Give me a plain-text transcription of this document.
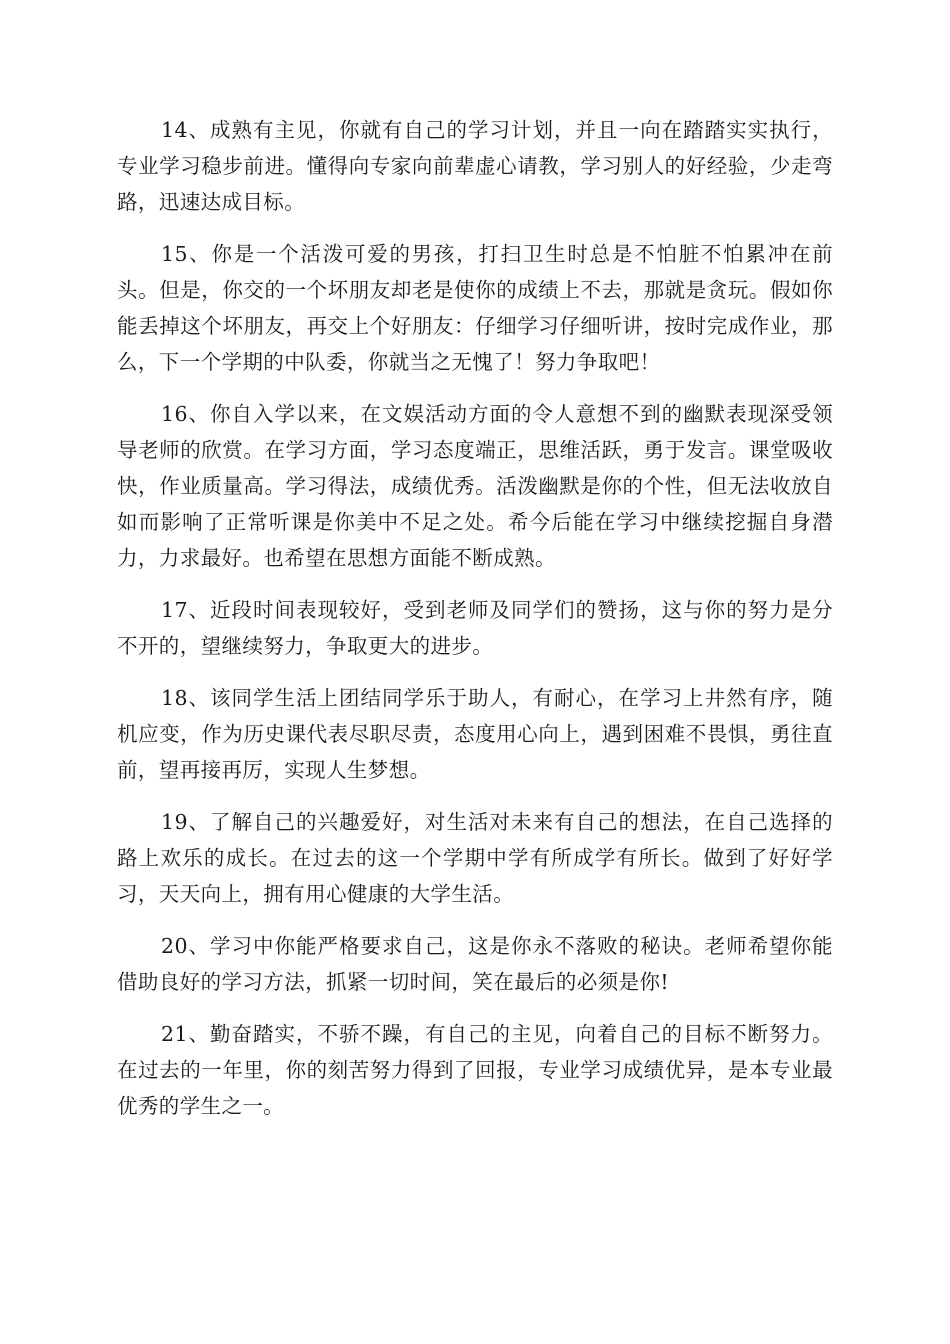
14、成熟有主见，你就有自己的学习计划，并且一向在踏踏实实执行，专业学习稳步前进。懂得向专家向前辈虚心请教，学习别人的好经验，少走弯路，迅速达成目标。

15、你是一个活泼可爱的男孩，打扫卫生时总是不怕脏不怕累冲在前头。但是，你交的一个坏朋友却老是使你的成绩上不去，那就是贪玩。假如你能丢掉这个坏朋友，再交上个好朋友：仔细学习仔细听讲，按时完成作业，那么，下一个学期的中队委，你就当之无愧了！努力争取吧！

16、你自入学以来，在文娱活动方面的令人意想不到的幽默表现深受领导老师的欣赏。在学习方面，学习态度端正，思维活跃，勇于发言。课堂吸收快，作业质量高。学习得法，成绩优秀。活泼幽默是你的个性，但无法收放自如而影响了正常听课是你美中不足之处。希今后能在学习中继续挖掘自身潜力，力求最好。也希望在思想方面能不断成熟。

17、近段时间表现较好，受到老师及同学们的赞扬，这与你的努力是分不开的，望继续努力，争取更大的进步。

18、该同学生活上团结同学乐于助人，有耐心，在学习上井然有序，随机应变，作为历史课代表尽职尽责，态度用心向上，遇到困难不畏惧，勇往直前，望再接再厉，实现人生梦想。

19、了解自己的兴趣爱好，对生活对未来有自己的想法，在自己选择的路上欢乐的成长。在过去的这一个学期中学有所成学有所长。做到了好好学习，天天向上，拥有用心健康的大学生活。

20、学习中你能严格要求自己，这是你永不落败的秘诀。老师希望你能借助良好的学习方法，抓紧一切时间，笑在最后的必须是你!

21、勤奋踏实，不骄不躁，有自己的主见，向着自己的目标不断努力。在过去的一年里，你的刻苦努力得到了回报，专业学习成绩优异，是本专业最优秀的学生之一。
